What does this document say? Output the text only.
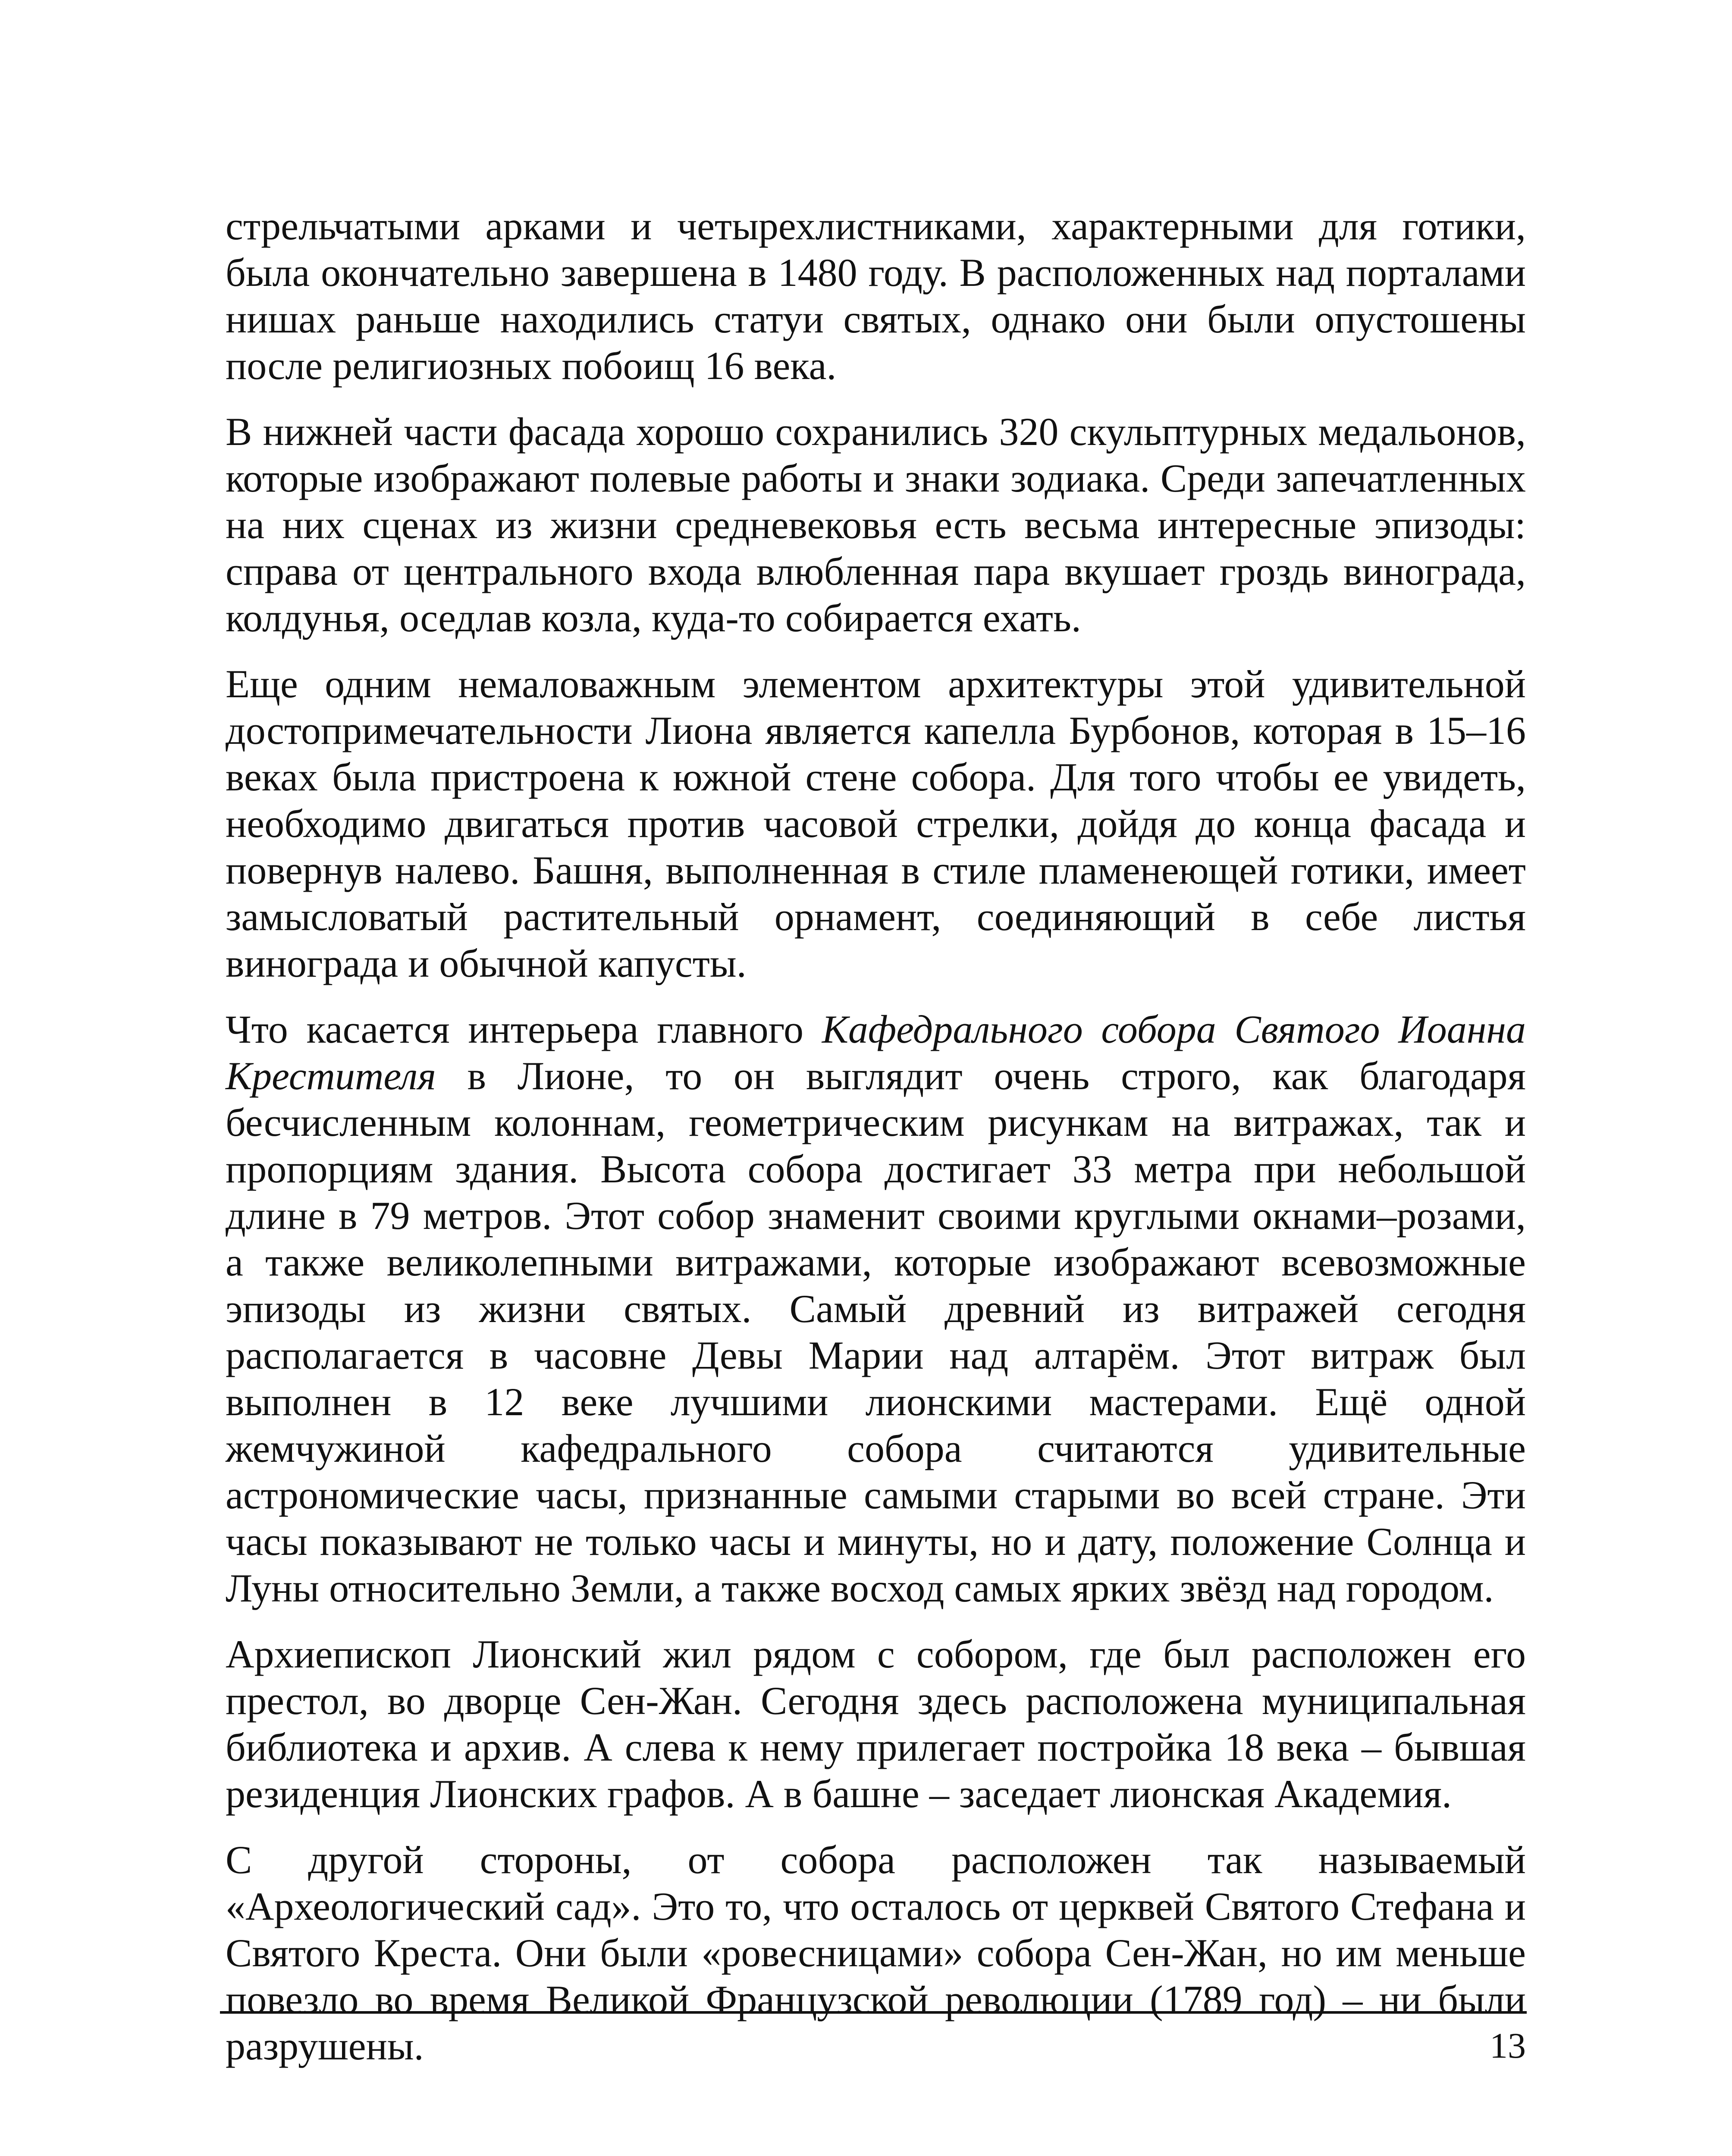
стрельчатыми арками и четырехлистниками, характерными для готики, была окончательно завершена в 1480 году. В расположенных над порталами нишах раньше находились статуи святых, однако они были опустошены после религиозных побоищ 16 века.

В нижней части фасада хорошо сохранились 320 скульптурных медальонов, которые изображают полевые работы и знаки зодиака. Среди запечатленных на них сценах из жизни средневековья есть весьма интересные эпизоды: справа от центрального входа влюбленная пара вкушает гроздь винограда, колдунья, оседлав козла, куда-то собирается ехать.

Еще одним немаловажным элементом архитектуры этой удивительной достопримечательности Лиона является капелла Бурбонов, которая в 15–16 веках была пристроена к южной стене собора. Для того чтобы ее увидеть, необходимо двигаться против часовой стрелки, дойдя до конца фасада и повернув налево. Башня, выполненная в стиле пламенеющей готики, имеет замысловатый растительный орнамент, соединяющий в себе листья винограда и обычной капусты.

Что касается интерьера главного Кафедрального собора Святого Иоанна Крестителя в Лионе, то он выглядит очень строго, как благодаря бесчисленным колоннам, геометрическим рисункам на витражах, так и пропорциям здания. Высота собора достигает 33 метра при небольшой длине в 79 метров. Этот собор знаменит своими круглыми окнами–розами, а также великолепными витражами, которые изображают всевозможные эпизоды из жизни святых. Самый древний из витражей сегодня располагается в часовне Девы Марии над алтарём. Этот витраж был выполнен в 12 веке лучшими лионскими мастерами. Ещё одной жемчужиной кафедрального собора считаются удивительные астрономические часы, признанные самыми старыми во всей стране. Эти часы показывают не только часы и минуты, но и дату, положение Солнца и Луны относительно Земли, а также восход самых ярких звёзд над городом.

Архиепископ Лионский жил рядом с собором, где был расположен его престол, во дворце Сен-Жан. Сегодня здесь расположена муниципальная библиотека и архив. А слева к нему прилегает постройка 18 века – бывшая резиденция Лионских графов. А в башне – заседает лионская Академия.

С другой стороны, от собора расположен так называемый «Археологический сад». Это то, что осталось от церквей Святого Стефана и Святого Креста. Они были «ровесницами» собора Сен-Жан, но им меньше повезло во время Великой Французской революции (1789 год) – ни были разрушены.	13
